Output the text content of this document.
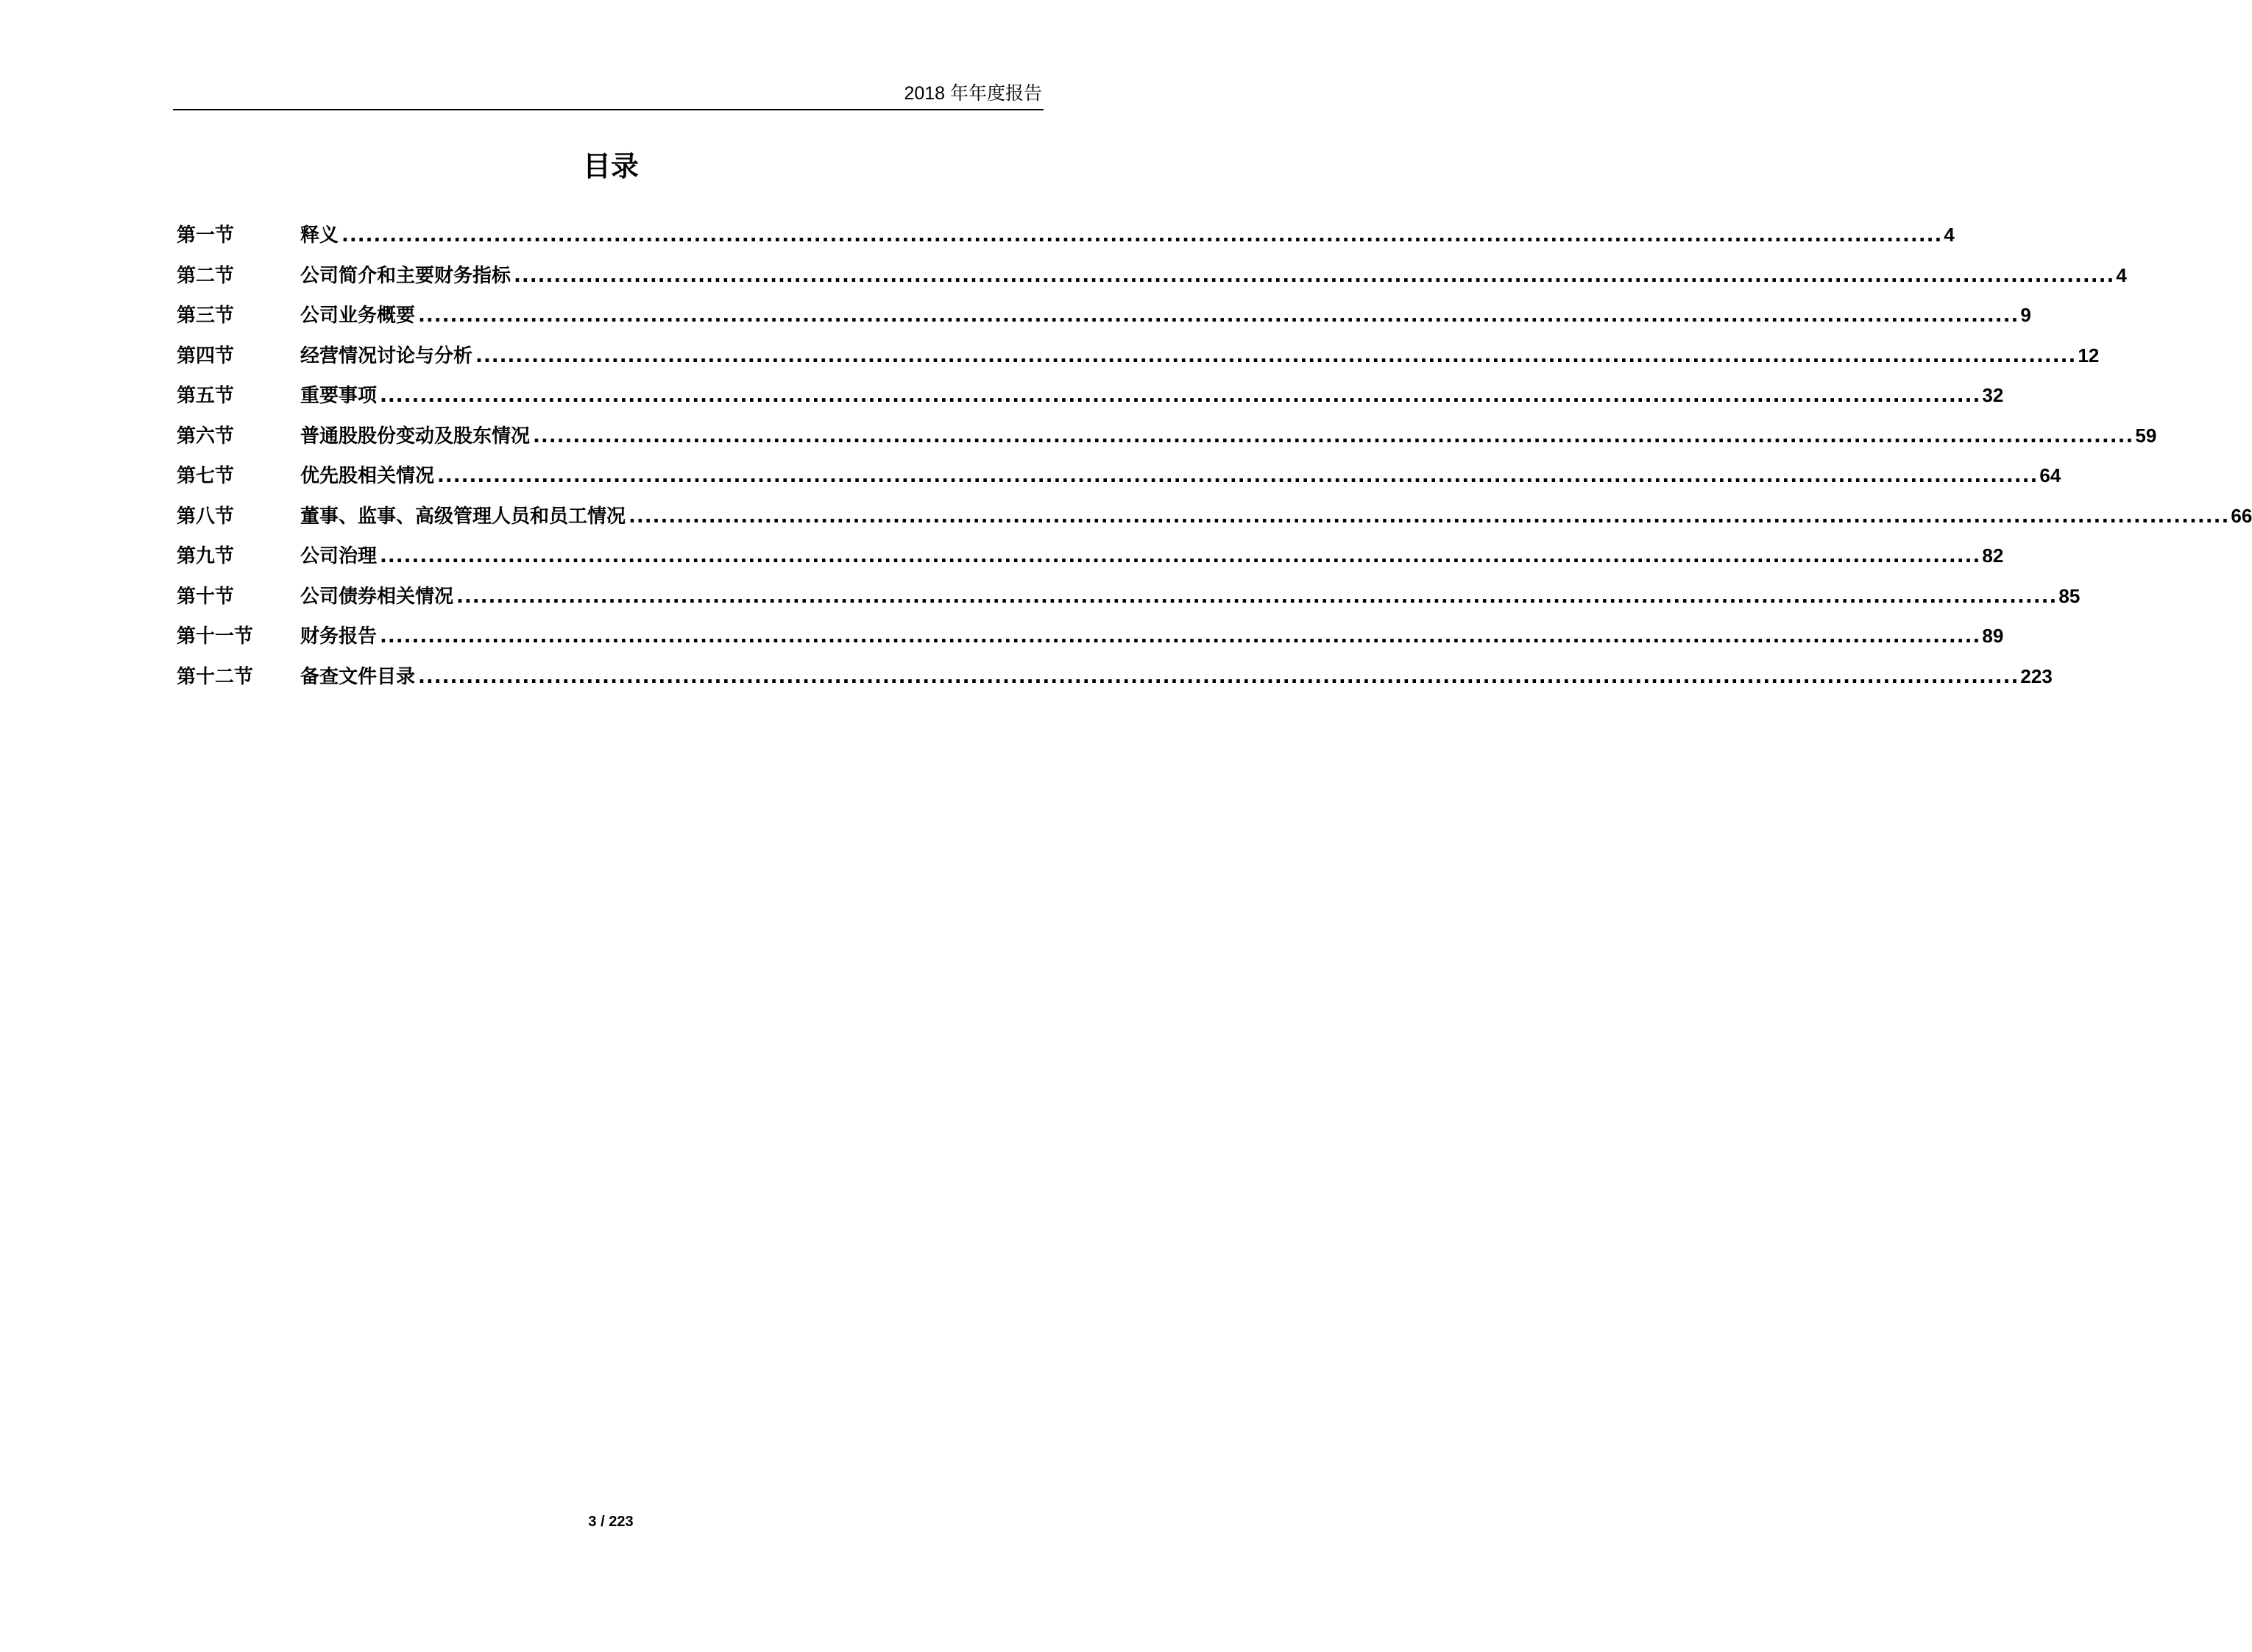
2018 年年度报告
目录
第一节	释义 ........................................................................................................................................................................................................ 4
第二节	公司简介和主要财务指标 ........................................................................................................................................................................................................ 4
第三节	公司业务概要 ........................................................................................................................................................................................................ 9
第四节	经营情况讨论与分析 ........................................................................................................................................................................................................ 12
第五节	重要事项 ........................................................................................................................................................................................................ 32
第六节	普通股股份变动及股东情况 ........................................................................................................................................................................................................ 59
第七节	优先股相关情况 ........................................................................................................................................................................................................ 64
第八节	董事、监事、高级管理人员和员工情况 ........................................................................................................................................................................................................ 66
第九节	公司治理 ........................................................................................................................................................................................................ 82
第十节	公司债券相关情况 ........................................................................................................................................................................................................ 85
第十一节	财务报告 ........................................................................................................................................................................................................ 89
第十二节	备查文件目录 ........................................................................................................................................................................................................ 223
3 / 223
